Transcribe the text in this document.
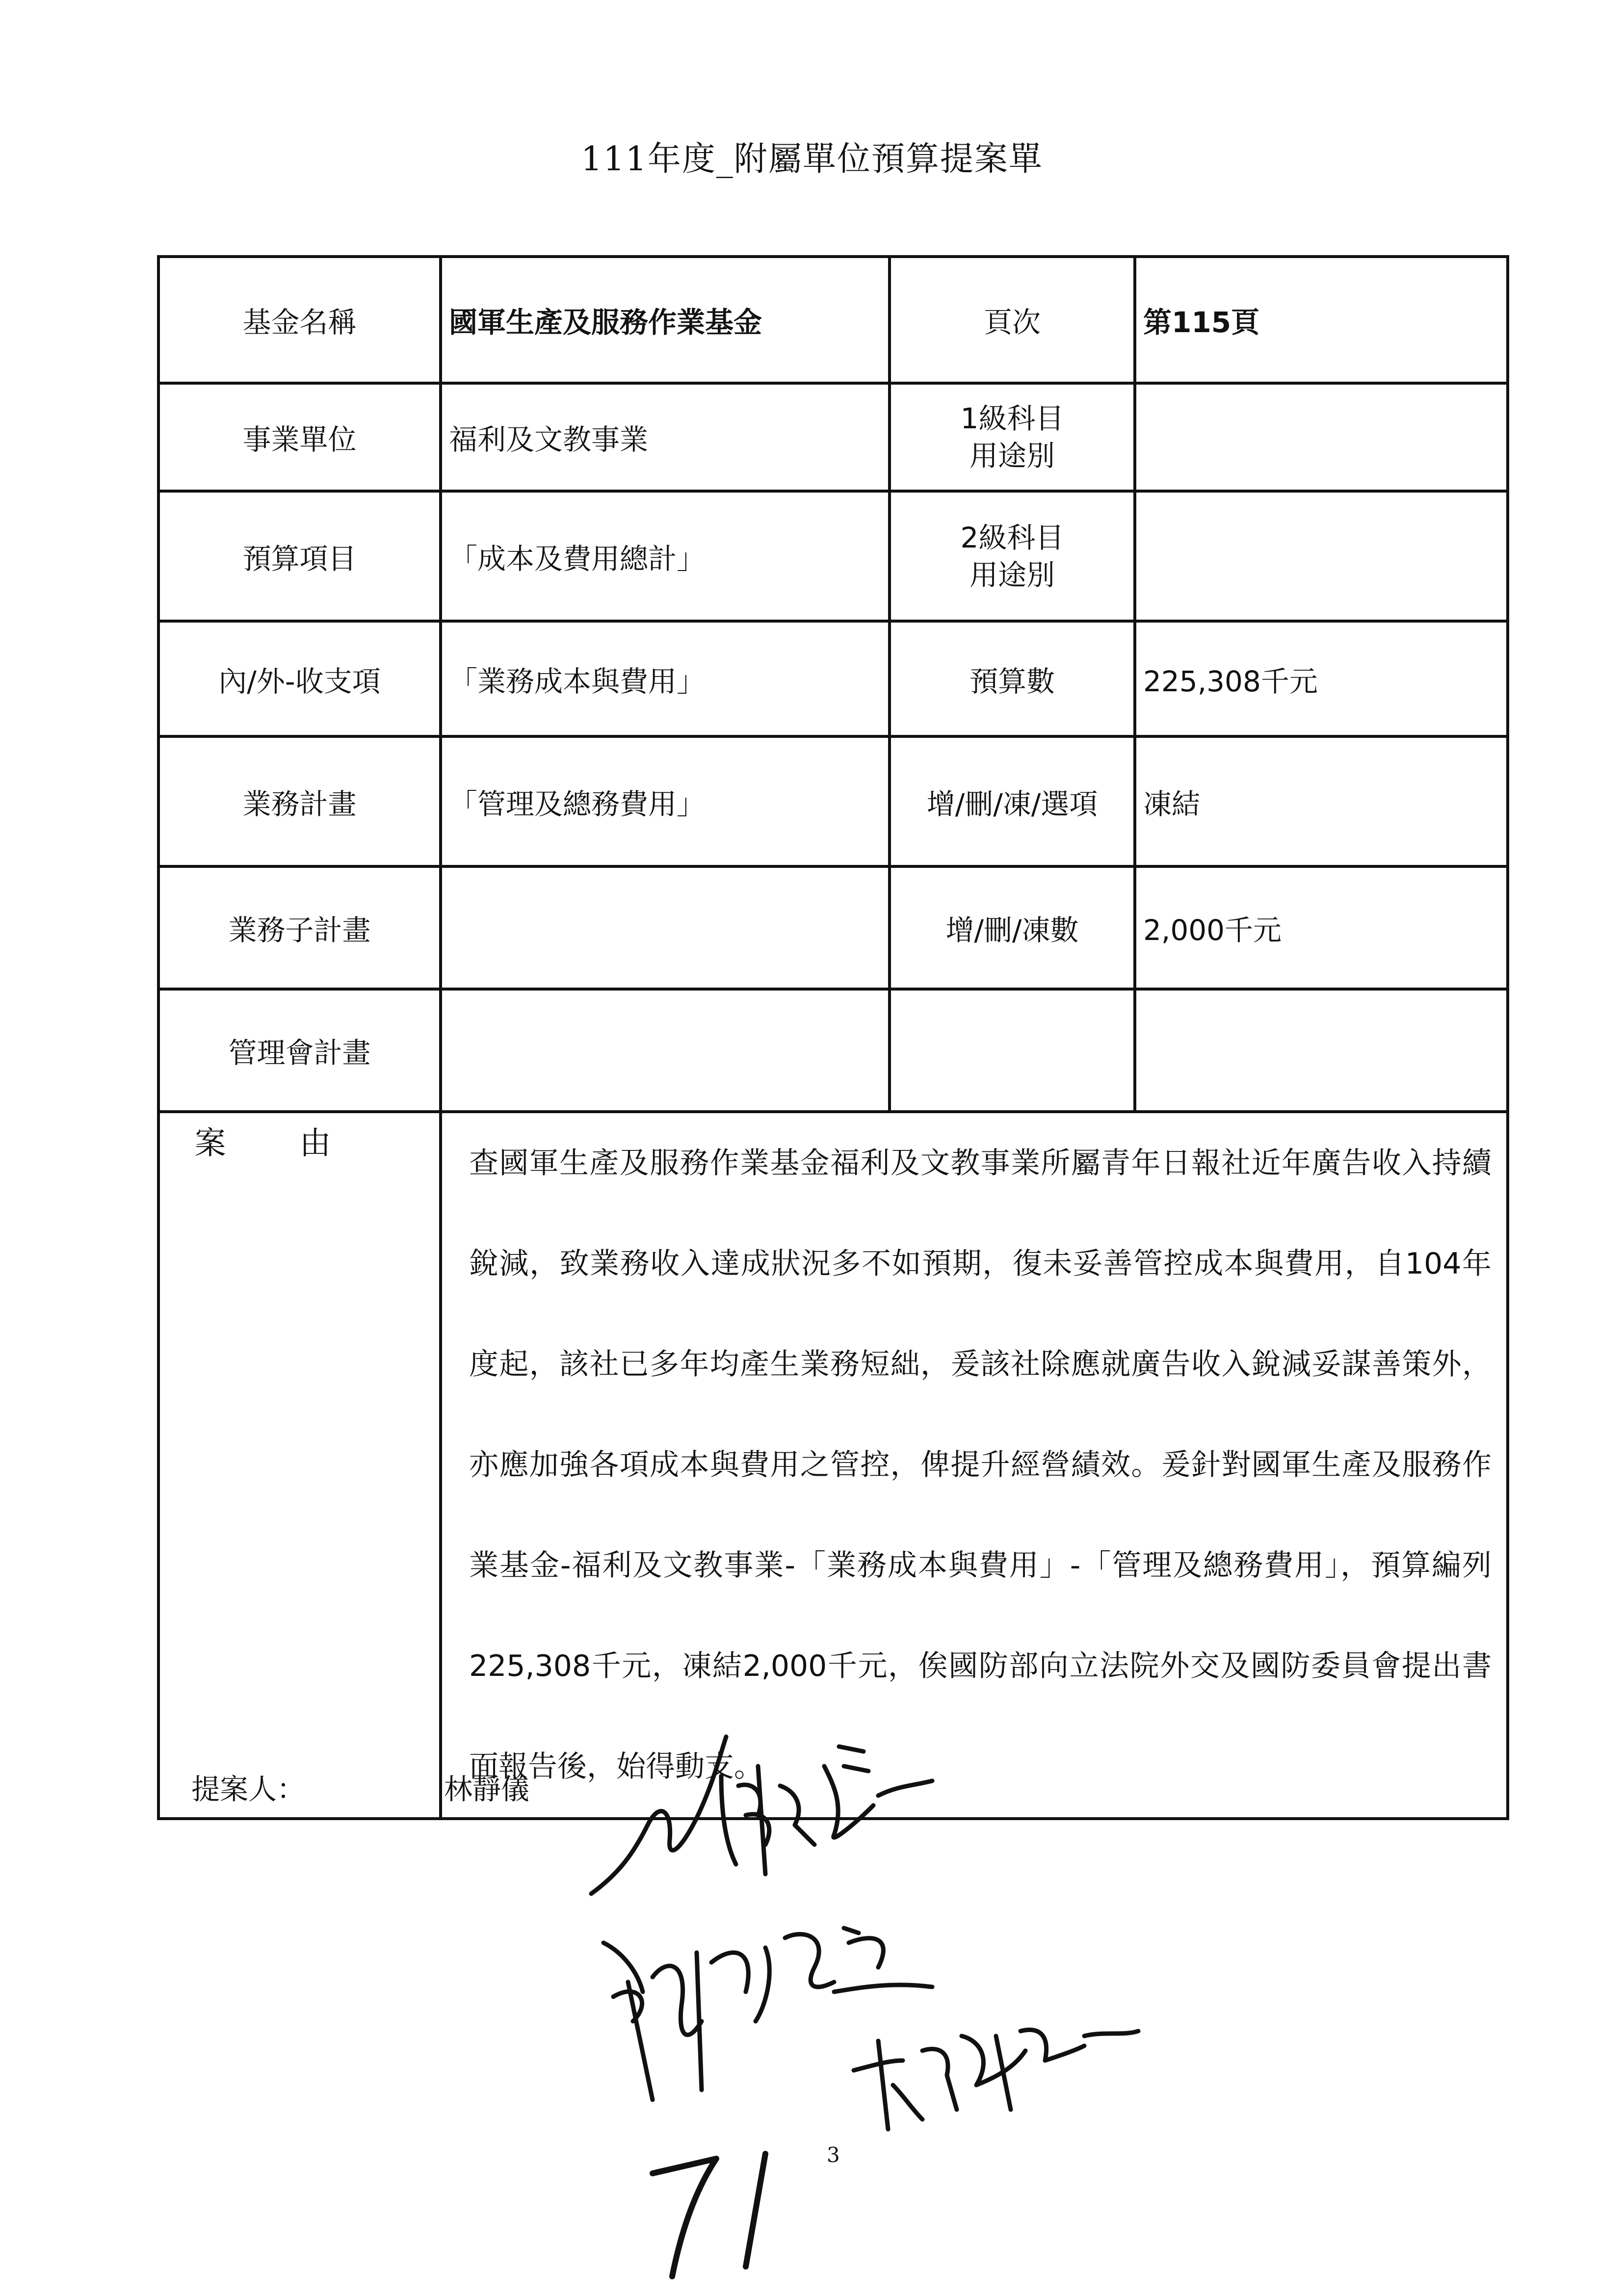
111年度_附屬單位預算提案單
基金名稱	國軍生產及服務作業基金	頁次	第115頁
事業單位	福利及文教事業	1級科目
用途別	

預算項目	「成本及費用總計」	2級科目
用途別	

內/外-收支項	「業務成本與費用」	預算數	225,308千元
業務計畫	「管理及總務費用」	增/刪/凍/選項	凍結
業務子計畫		增/刪/凍數	2,000千元
管理會計畫			
案由	查國軍生產及服務作業基金福利及文教事業所屬青年日報社近年廣告收入持續銳減，致業務收入達成狀況多不如預期，復未妥善管控成本與費用，自104年度起，該社已多年均產生業務短絀，爰該社除應就廣告收入銳減妥謀善策外，亦應加強各項成本與費用之管控，俾提升經營績效。爰針對國軍生產及服務作業基金-福利及文教事業-「業務成本與費用」-「管理及總務費用」，預算編列225,308千元，凍結2,000千元，俟國防部向立法院外交及國防委員會提出書面報告後，始得動支。		
提案人：	林靜儀
71
3
